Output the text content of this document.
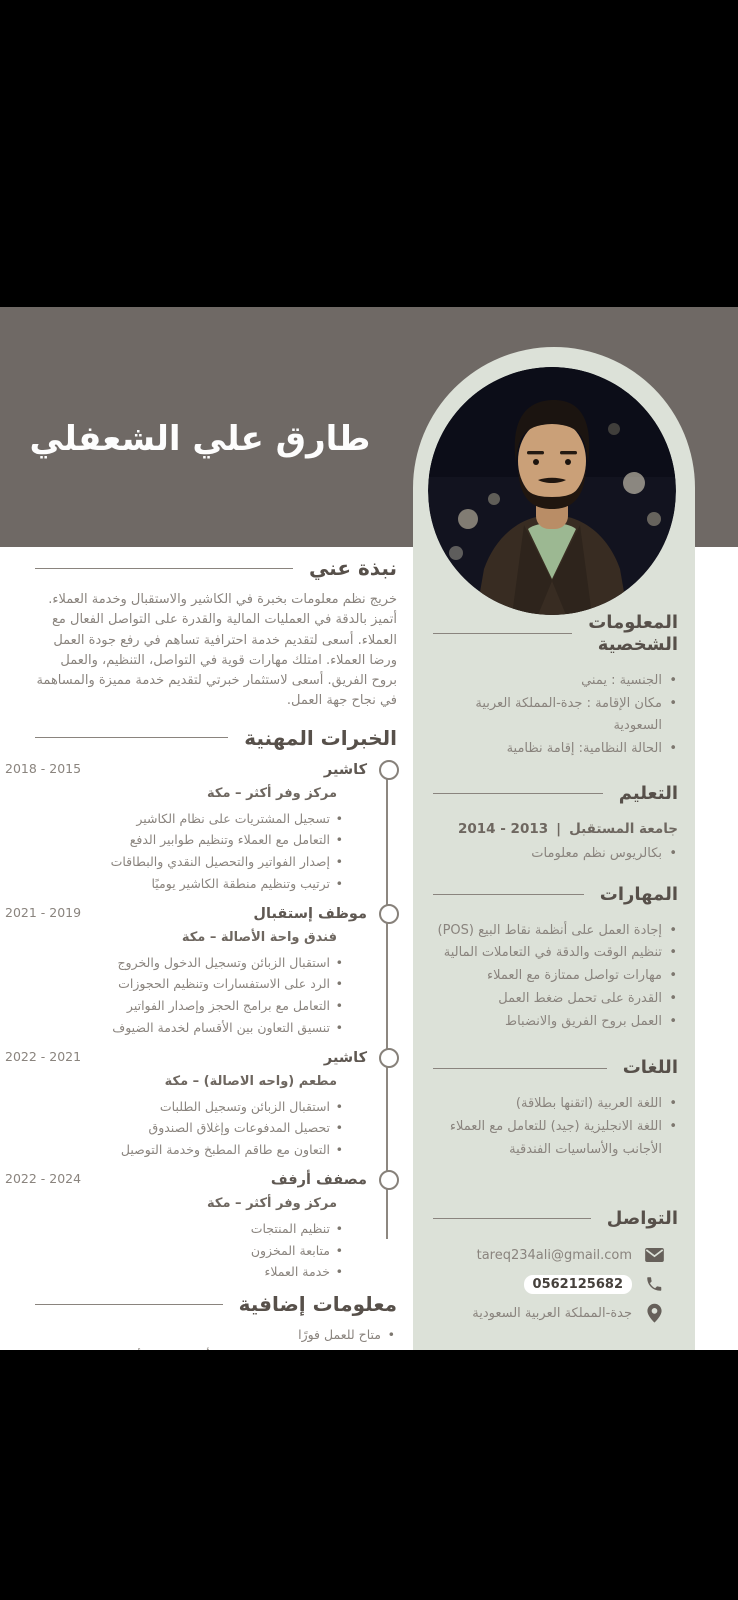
طارق علي الشعفلي
المعلومات
الشخصية
• الجنسية : يمني
• مكان الإقامة : جدة-المملكة العربية السعودية
• الحالة النظامية: إقامة نظامية
التعليم
جامعة المستقبل
|
2014 - 2013
• بكالريوس نظم معلومات
المهارات
• إجادة العمل على أنظمة نقاط البيع (POS)
• تنظيم الوقت والدقة في التعاملات المالية
• مهارات تواصل ممتازة مع العملاء
• القدرة على تحمل ضغط العمل
• العمل بروح الفريق والانضباط
اللغات
• اللغة العربية (اتقنها بطلاقة)
• اللغة الانجليزية (جيد) للتعامل مع العملاء الأجانب والأساسيات الفندقية
التواصل
tareq234ali@gmail.com
0562125682
جدة-المملكة العربية السعودية
نبذة عني
خريج نظم معلومات بخبرة في الكاشير والاستقبال وخدمة العملاء. أتميز بالدقة في العمليات المالية والقدرة على التواصل الفعال مع العملاء. أسعى لتقديم خدمة احترافية تساهم في رفع جودة العمل ورضا العملاء. امتلك مهارات قوية في التواصل، التنظيم، والعمل بروح الفريق. أسعى لاستثمار خبرتي لتقديم خدمة مميزة والمساهمة في نجاح جهة العمل.
الخبرات المهنية
كاشير
2018 - 2015
مركز وفر أكثر – مكة
• تسجيل المشتريات على نظام الكاشير
• التعامل مع العملاء وتنظيم طوابير الدفع
• إصدار الفواتير والتحصيل النقدي والبطاقات
• ترتيب وتنظيم منطقة الكاشير يوميًا
موظف إستقبال
2021 - 2019
فندق واحة الأصالة – مكة
• استقبال الزبائن وتسجيل الدخول والخروج
• الرد على الاستفسارات وتنظيم الحجوزات
• التعامل مع برامج الحجز وإصدار الفواتير
• تنسيق التعاون بين الأقسام لخدمة الضيوف
كاشير
2022 - 2021
مطعم (واحه الاصالة) – مكة
• استقبال الزبائن وتسجيل الطلبات
• تحصيل المدفوعات وإغلاق الصندوق
• التعاون مع طاقم المطبخ وخدمة التوصيل
مصفف أرفف
2022 - 2024
مركز وفر أكثر – مكة
• تنظيم المنتجات
• متابعة المخزون
• خدمة العملاء
معلومات إضافية
• متاح للعمل فورًا
•
•
•
